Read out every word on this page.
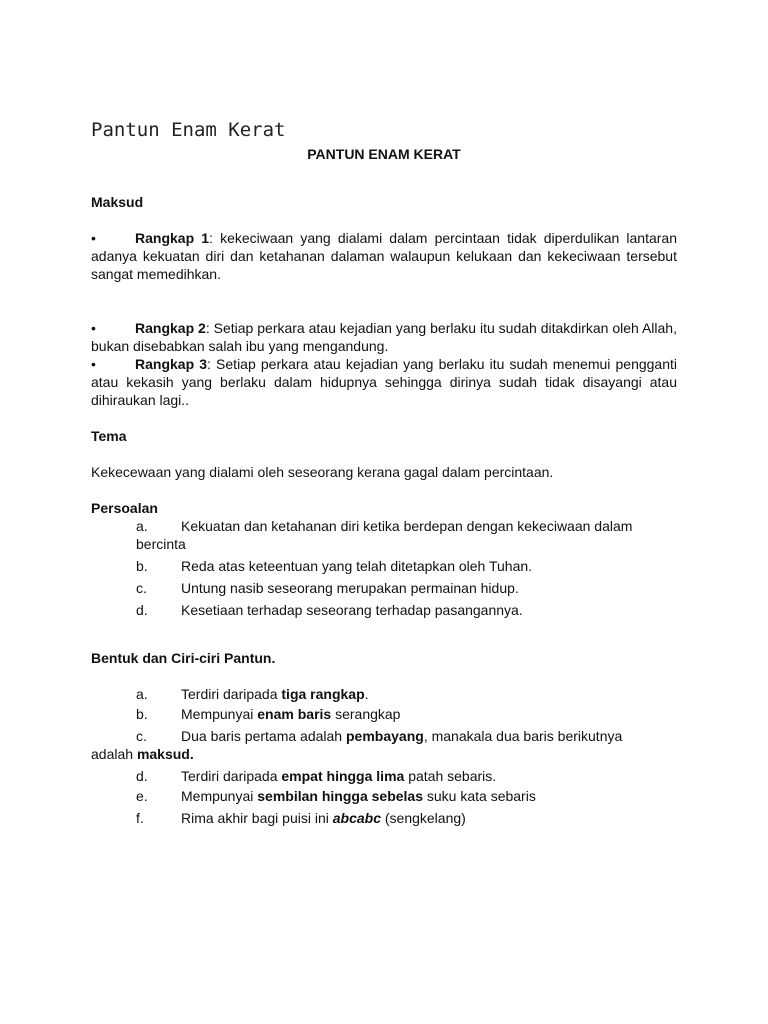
Pantun Enam Kerat
PANTUN ENAM KERAT
Maksud
•	Rangkap 1: kekeciwaan yang dialami dalam percintaan tidak diperdulikan lantaran adanya kekuatan diri dan ketahanan dalaman walaupun kelukaan dan kekeciwaan tersebut sangat memedihkan.
•	Rangkap 2: Setiap perkara atau kejadian yang berlaku itu sudah ditakdirkan oleh Allah, bukan disebabkan salah ibu yang mengandung.
•	Rangkap 3: Setiap perkara atau kejadian yang berlaku itu sudah menemui pengganti atau kekasih yang berlaku dalam hidupnya sehingga dirinya sudah tidak disayangi atau dihiraukan lagi..
Tema
Kekecewaan yang dialami oleh seseorang kerana gagal dalam percintaan.
Persoalan
a.	Kekuatan dan ketahanan diri ketika berdepan dengan kekeciwaan dalam
bercinta
b.	Reda atas keteentuan yang telah ditetapkan oleh Tuhan.
c.	Untung nasib seseorang merupakan permainan hidup.
d.	Kesetiaan terhadap seseorang terhadap pasangannya.
Bentuk dan Ciri-ciri Pantun.
a.	Terdiri daripada tiga rangkap.
b.	Mempunyai enam baris serangkap
c.	Dua baris pertama adalah pembayang, manakala dua baris berikutnya
adalah maksud.
d.	Terdiri daripada empat hingga lima patah sebaris.
e.	Mempunyai sembilan hingga sebelas suku kata sebaris
f.	Rima akhir bagi puisi ini abcabc (sengkelang)
